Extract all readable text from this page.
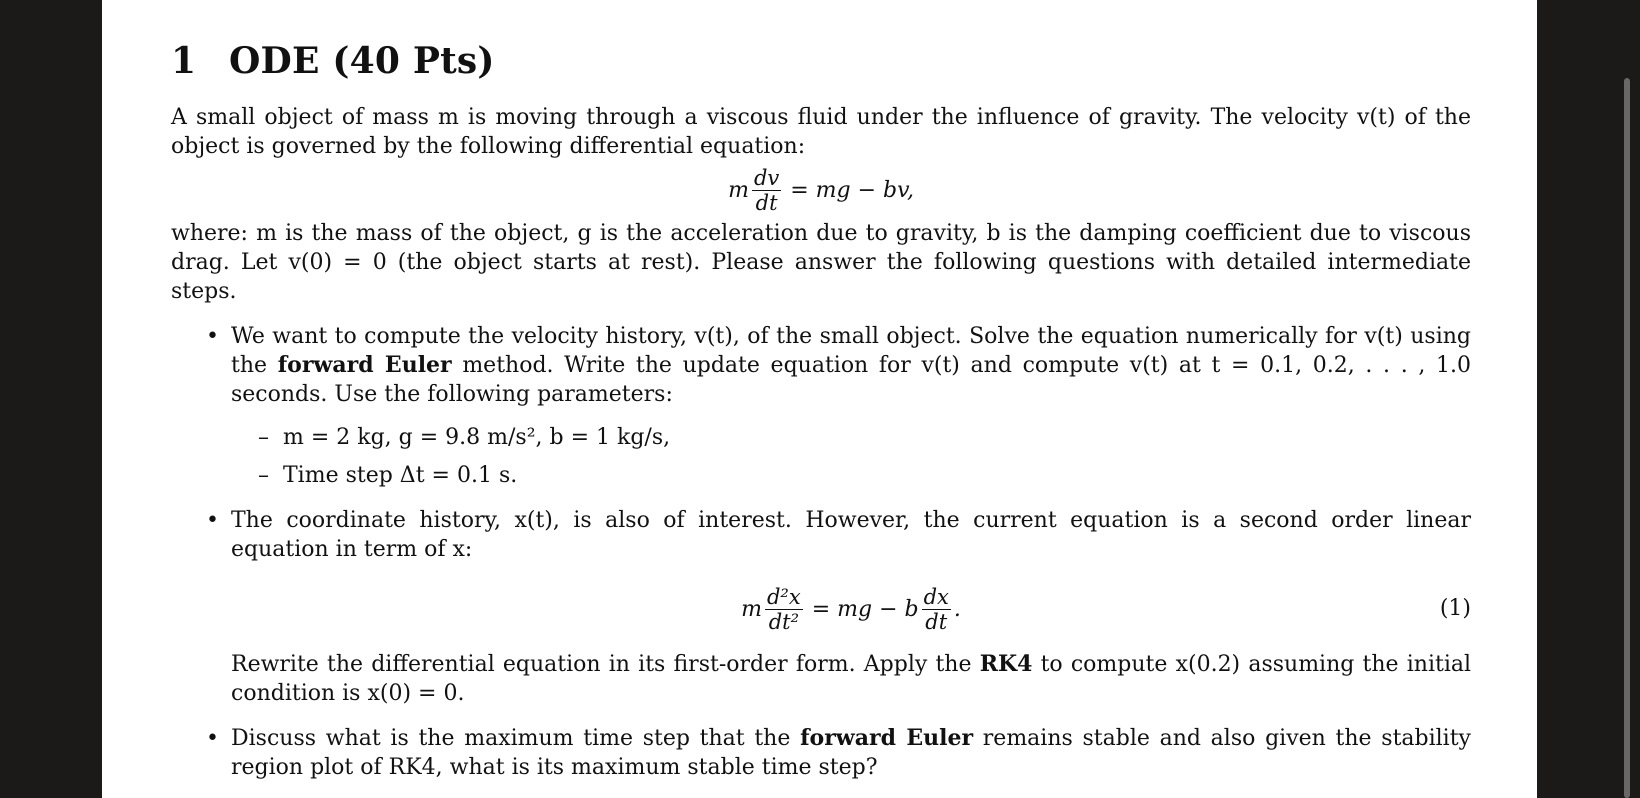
1 ODE (40 Pts)

A small object of mass m is moving through a viscous fluid under the influence of gravity. The velocity v(t) of the object is governed by the following differential equation:

m $\frac{dv}{dt}$ = mg − bv,

where: m is the mass of the object, g is the acceleration due to gravity, b is the damping coefficient due to viscous drag. Let v(0) = 0 (the object starts at rest). Please answer the following questions with detailed intermediate steps.

• We want to compute the velocity history, v(t), of the small object. Solve the equation numerically for v(t) using the forward Euler method. Write the update equation for v(t) and compute v(t) at t = 0.1, 0.2, . . . , 1.0 seconds. Use the following parameters:

– m = 2 kg, g = 9.8 m/s², b = 1 kg/s,
– Time step Δt = 0.1 s.

• The coordinate history, x(t), is also of interest. However, the current equation is a second order linear equation in term of x:

m $\frac{\text{d²x}}{\text{dt²}}$ = mg − b $\frac{dx}{dt}$ .	(1)

Rewrite the differential equation in its first-order form. Apply the RK4 to compute x(0.2) assuming the initial condition is x(0) = 0.

• Discuss what is the maximum time step that the forward Euler remains stable and also given the stability region plot of RK4, what is its maximum stable time step?
